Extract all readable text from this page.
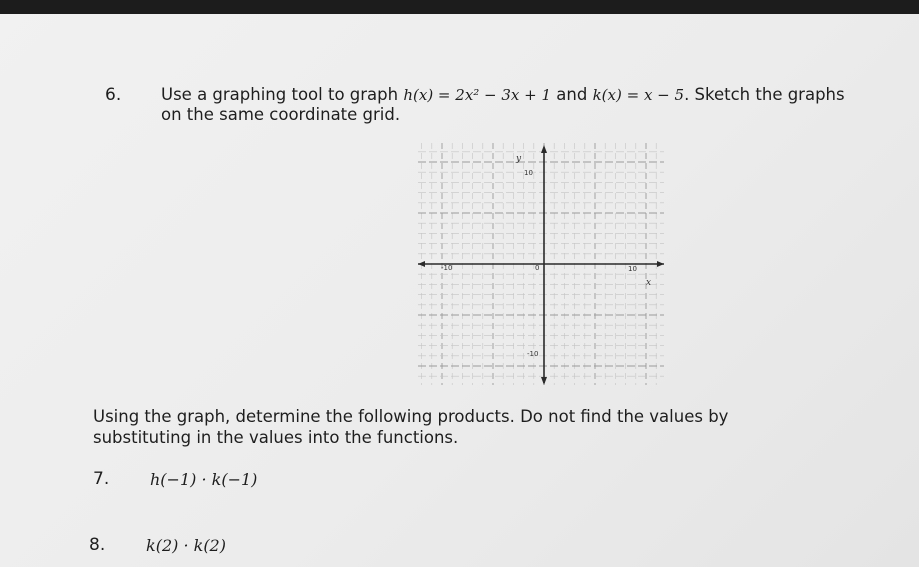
6. Use a graphing tool to graph h(x) = 2x² − 3x + 1 and k(x) = x − 5. Sketch the graphs
on the same coordinate grid.
y
10
-10	0	10
x
-10
Using the graph, determine the following products. Do not find the values by
substituting in the values into the functions.
7.	h(−1) · k(−1)
8.	k(2) · k(2)
